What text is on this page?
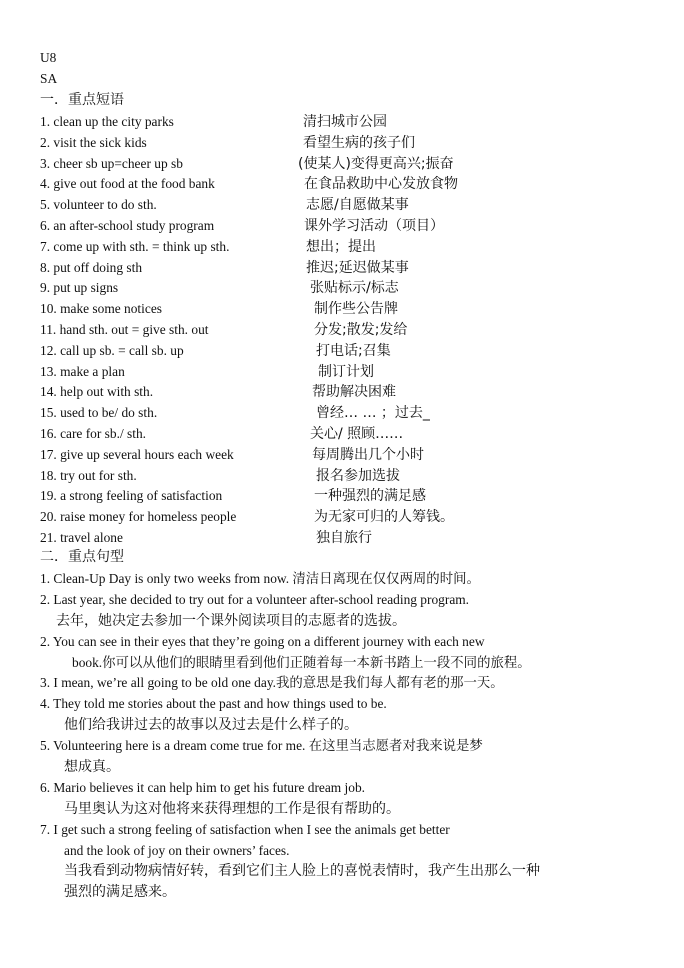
U8
SA
一．重点短语
1. clean up the city parks	清扫城市公园
2. visit the sick kids	看望生病的孩子们
3. cheer sb up=cheer up sb	(使某人)变得更高兴;振奋
4. give out food at the food bank	在食品救助中心发放食物
5. volunteer to do sth.	志愿/自愿做某事
6. an after-school study program	课外学习活动（项目）
7. come up with sth. = think up sth.	想出；提出
8. put off doing sth	推迟;延迟做某事
9. put up signs	张贴标示/标志
10. make some notices	制作些公告牌
11. hand sth. out = give sth. out	分发;散发;发给
12. call up sb. = call sb. up	打电话;召集
13. make a plan	制订计划
14. help out with sth.	帮助解决困难
15. used to be/ do sth.	曾经… … ；过去_
16. care for sb./ sth.	关心/ 照顾……
17. give up several hours each week	每周腾出几个小时
18. try out for sth.	报名参加选拔
19. a strong feeling of satisfaction	一种强烈的满足感
20. raise money for homeless people	为无家可归的人筹钱。
21. travel alone	独自旅行
二．重点句型
1. Clean-Up Day is only two weeks from now. 清洁日离现在仅仅两周的时间。
2. Last year, she decided to try out for a volunteer after-school reading program.
去年，她决定去参加一个课外阅读项目的志愿者的选拔。
2. You can see in their eyes that they’re going on a different journey with each new
book.你可以从他们的眼睛里看到他们正随着每一本新书踏上一段不同的旅程。
3. I mean, we’re all going to be old one day.我的意思是我们每人都有老的那一天。
4. They told me stories about the past and how things used to be.
他们给我讲过去的故事以及过去是什么样子的。
5. Volunteering here is a dream come true for me. 在这里当志愿者对我来说是梦
想成真。
6. Mario believes it can help him to get his future dream job.
马里奥认为这对他将来获得理想的工作是很有帮助的。
7. I get such a strong feeling of satisfaction when I see the animals get better
and the look of joy on their owners’ faces.
当我看到动物病情好转，看到它们主人脸上的喜悦表情时，我产生出那么一种
强烈的满足感来。
